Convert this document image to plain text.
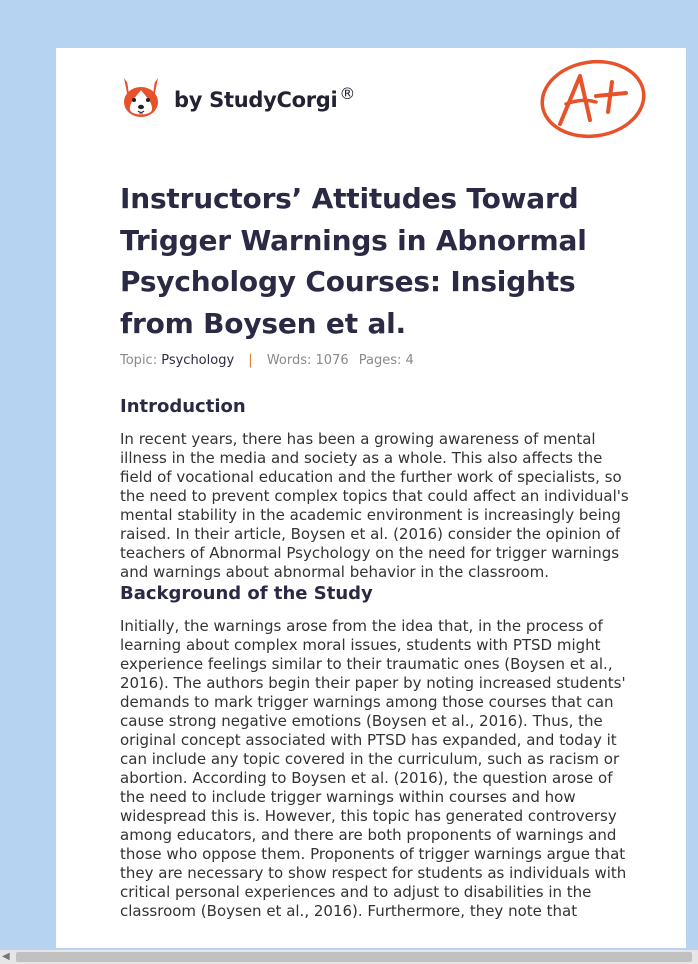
by StudyCorgi ®
Instructors’ Attitudes Toward Trigger Warnings in Abnormal Psychology Courses: Insights from Boysen et al.
Topic: Psychology | Words: 1076 Pages: 4
Introduction

In recent years, there has been a growing awareness of mental illness in the media and society as a whole. This also affects the field of vocational education and the further work of specialists, so the need to prevent complex topics that could affect an individual's mental stability in the academic environment is increasingly being raised. In their article, Boysen et al. (2016) consider the opinion of teachers of Abnormal Psychology on the need for trigger warnings and warnings about abnormal behavior in the classroom.

Background of the Study

Initially, the warnings arose from the idea that, in the process of learning about complex moral issues, students with PTSD might experience feelings similar to their traumatic ones (Boysen et al., 2016). The authors begin their paper by noting increased students' demands to mark trigger warnings among those courses that can cause strong negative emotions (Boysen et al., 2016). Thus, the original concept associated with PTSD has expanded, and today it can include any topic covered in the curriculum, such as racism or abortion. According to Boysen et al. (2016), the question arose of the need to include trigger warnings within courses and how widespread this is. However, this topic has generated controversy among educators, and there are both proponents of warnings and those who oppose them. Proponents of trigger warnings argue that they are necessary to show respect for students as individuals with critical personal experiences and to adjust to disabilities in the classroom (Boysen et al., 2016). Furthermore, they note that

◀
